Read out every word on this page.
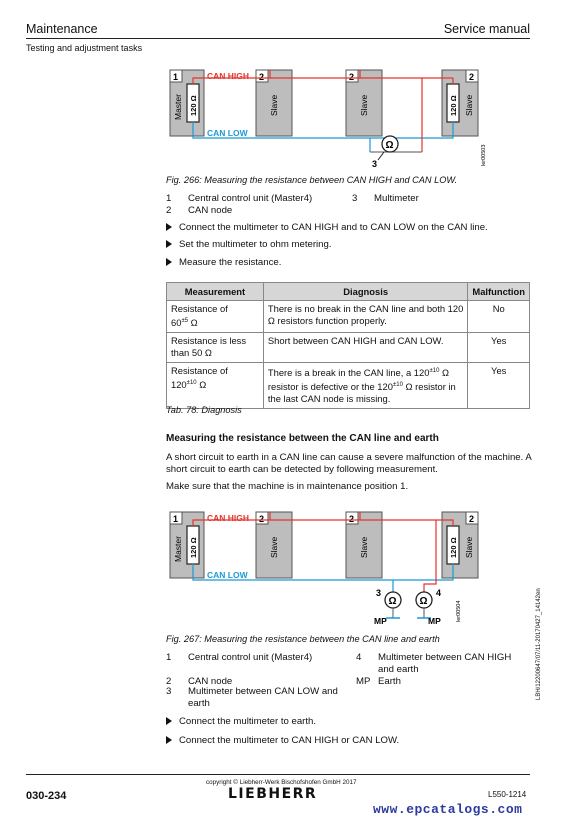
Maintenance	Service manual
Testing and adjustment tasks
1	2	2	2
Master	Slave	Slave	Slave
120 Ω	120 Ω
CAN HIGH
CAN LOW
Ω
3	ler00503
Fig. 266: Measuring the resistance between CAN HIGH and CAN LOW.
1	Central control unit (Master4)	3	Multimeter
2	CAN node
Connect the multimeter to CAN HIGH and to CAN LOW on the CAN line.
Set the multimeter to ohm metering.
Measure the resistance.
Measurement	Diagnosis	Malfunction
Resistance of
$60^{\pm 5}$ Ω	There is no break in the CAN line and both 120 Ω resistors function properly.	No
Resistance is less than 50 Ω	Short between CAN HIGH and CAN LOW.	Yes
Resistance of
$120^{\pm 10}$ Ω	There is a break in the CAN line, a $120^{\pm 10}$ Ω resistor is defective or the $120^{\pm 10}$ Ω resistor in the last CAN node is missing.	Yes
Tab. 78: Diagnosis
Measuring the resistance between the CAN line and earth
A short circuit to earth in a CAN line can cause a severe malfunction of the machine. A short circuit to earth can be detected by following measurement.
Make sure that the machine is in maintenance position 1.
1	2	2	2
Master	Slave	Slave	Slave
120 Ω	120 Ω
CAN HIGH
CAN LOW
Ω
3
MP
Ω
4
MP	ler00504
Fig. 267: Measuring the resistance between the CAN line and earth
1	Central control unit (Master4)	4	Multimeter between CAN HIGH and earth
2	CAN node	MP Earth
3	Multimeter between CAN LOW and earth
Connect the multimeter to earth.
Connect the multimeter to CAN HIGH or CAN LOW.
LBH/12200647/07/11-20170427_14142en
copyright © Liebherr-Werk Bischofshofen GmbH 2017
030-234	LIEBHERR	L550-1214
www.epcatalogs.com
